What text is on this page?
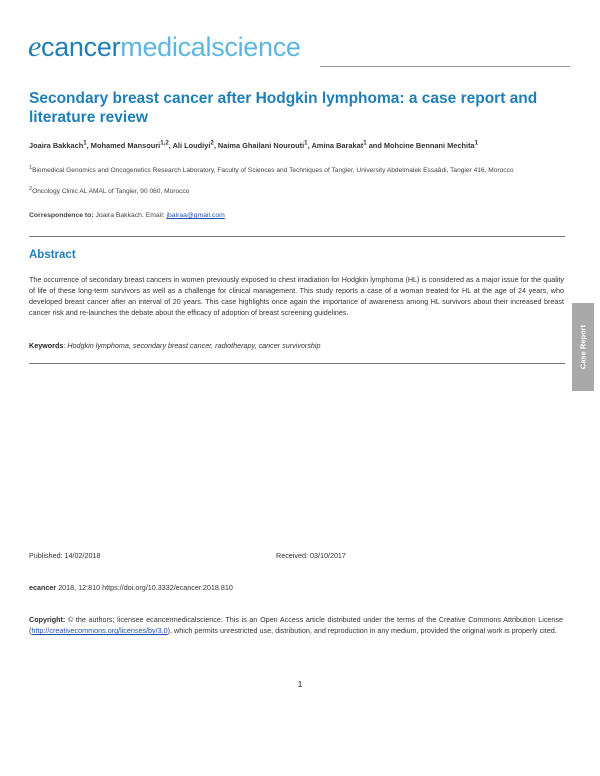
ecancermedicalscience
Secondary breast cancer after Hodgkin lymphoma: a case report and literature review
Joaira Bakkach$^1$, Mohamed Mansouri$^{1,2}$, Ali Loudiyi$^2$, Naima Ghailani Nourouti$^1$, Amina Barakat$^1$ and Mohcine Bennani Mechita$^1$
$^1$Biomedical Genomics and Oncogenetics Research Laboratory, Faculty of Sciences and Techniques of Tangier, University Abdelmalek Essaâdi, Tangier 416, Morocco
$^2$Oncology Clinic AL AMAL of Tangier, 90 060, Morocco
Correspondence to: Joaira Bakkach. Email: jbairaa@gmail.com
Abstract
The occurrence of secondary breast cancers in women previously exposed to chest irradiation for Hodgkin lymphoma (HL) is considered as a major issue for the quality of life of these long-term survivors as well as a challenge for clinical management. This study reports a case of a woman treated for HL at the age of 24 years, who developed breast cancer after an interval of 20 years. This case highlights once again the importance of awareness among HL survivors about their increased breast cancer risk and re-launches the debate about the efficacy of adoption of breast screening guidelines.
Keywords: Hodgkin lymphoma, secondary breast cancer, radiotherapy, cancer survivorship	Case Report
Published: 14/02/2018	Received: 03/10/2017
ecancer 2018, 12:810 https://doi.org/10.3332/ecancer.2018.810
Copyright: © the authors; licensee ecancermedicalscience. This is an Open Access article distributed under the terms of the Creative Commons Attribution License (http://creativecommons.org/licenses/by/3.0), which permits unrestricted use, distribution, and reproduction in any medium, provided the original work is properly cited.
1
